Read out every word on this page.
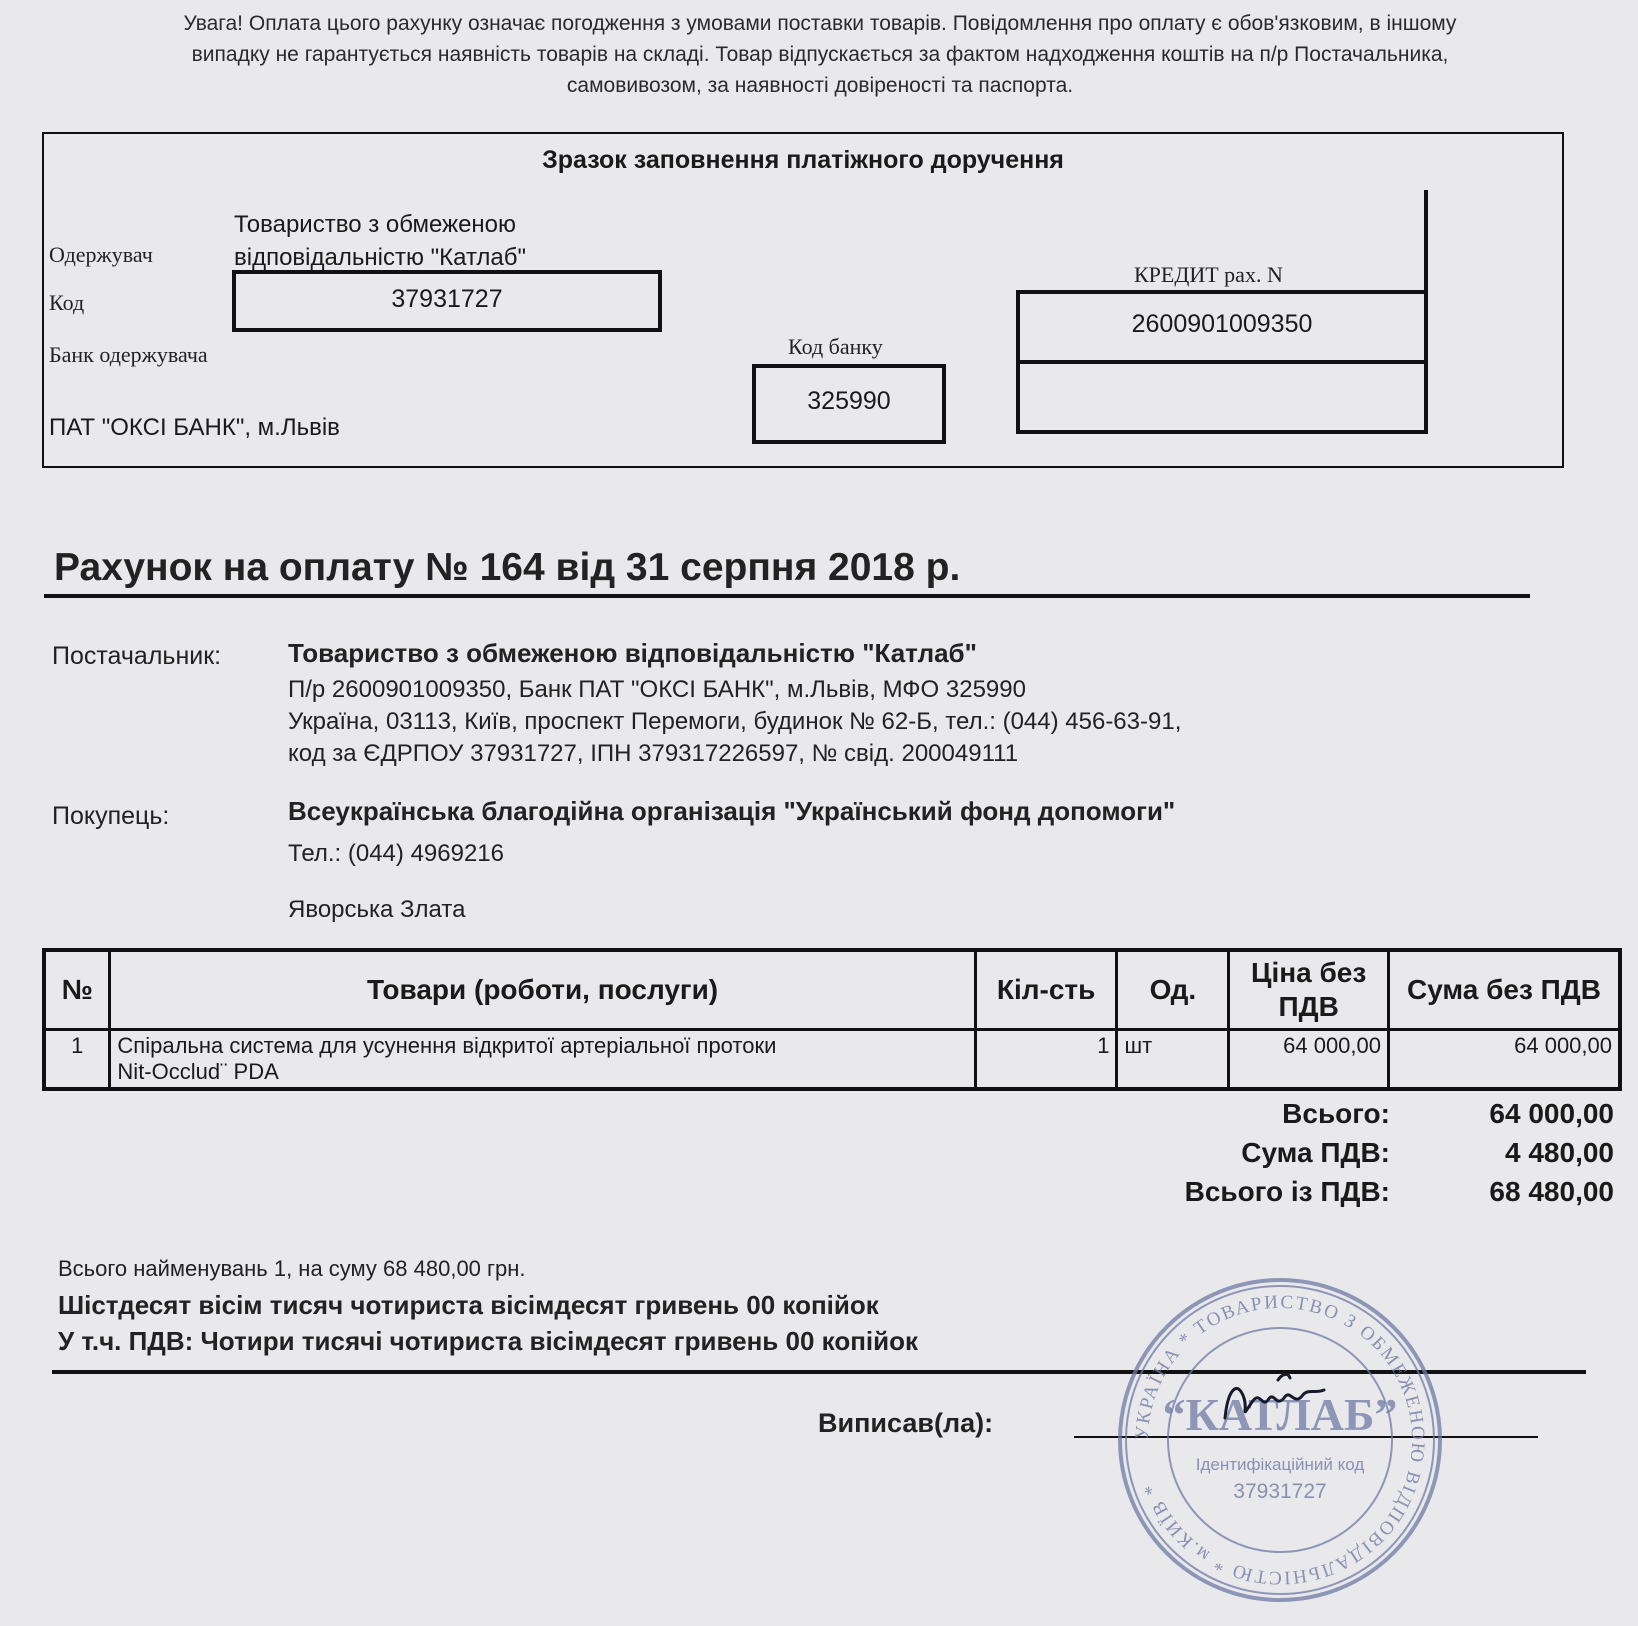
Увага! Оплата цього рахунку означає погодження з умовами поставки товарів. Повідомлення про оплату є обов'язковим, в іншому
випадку не гарантується наявність товарів на складі. Товар відпускається за фактом надходження коштів на п/р Постачальника,
самовивозом, за наявності довіреності та паспорта.
Зразок заповнення платіжного доручення
Одержувач
Товариство з обмеженою
відповідальністю "Катлаб"
Код	37931727
Банк одержувача
ПАТ "ОКСІ БАНК", м.Львів
Код банку
325990
КРЕДИТ рах. N
2600901009350
Рахунок на оплату № 164 від 31 серпня 2018 р.
Постачальник:	Товариство з обмеженою відповідальністю "Катлаб"
П/р 2600901009350, Банк ПАТ "ОКСІ БАНК", м.Львів, МФО 325990
Україна, 03113, Київ, проспект Перемоги, будинок № 62-Б, тел.: (044) 456-63-91,
код за ЄДРПОУ 37931727, ІПН 379317226597, № свід. 200049111
Покупець:	Всеукраїнська благодійна організація "Український фонд допомоги"
Тел.: (044) 4969216
Яворська Злата
№	Товари (роботи, послуги)	Кіл-сть	Од.	Ціна без ПДВ	Сума без ПДВ
1	Спіральна система для усунення відкритої артеріальної протоки
Nit-Occlud¨ PDA	1	шт	64 000,00	64 000,00
Всього:	64 000,00
Сума ПДВ:	4 480,00
Всього із ПДВ:	68 480,00
Всього найменувань 1, на суму 68 480,00 грн.
Шістдесят вісім тисяч чотириста вісімдесят гривень 00 копійок
У т.ч. ПДВ: Чотири тисячі чотириста вісімдесят гривень 00 копійок
Виписав(ла):	УКРАЇНА * ТОВАРИСТВО З ОБМЕЖЕНОЮ ВІДПОВІДАЛЬНІСТЮ * м.КИЇВ *
“КАТЛАБ”
Ідентифікаційний код
37931727
